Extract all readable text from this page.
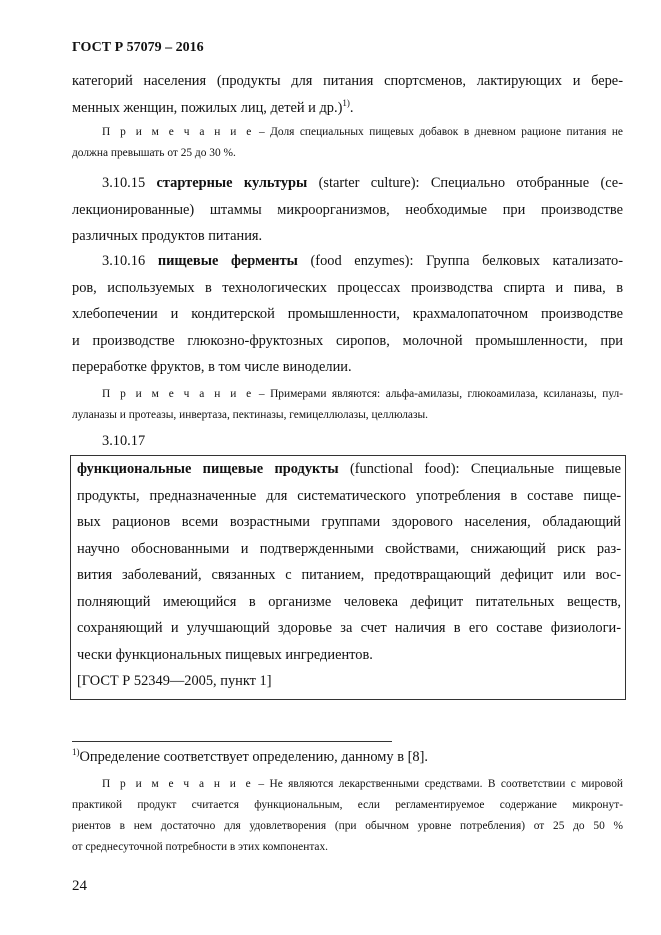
ГОСТ Р 57079 – 2016
категорий населения (продукты для питания спортсменов, лактирующих и бере-
менных женщин, пожилых лиц, детей и др.)$^{1)}$.
П р и м е ч а н и е – Доля специальных пищевых добавок в дневном рационе питания не
должна превышать от 25 до 30 %.
3.10.15 стартерные культуры (starter culture): Специально отобранные (се-
лекционированные) штаммы микроорганизмов, необходимые при производстве
различных продуктов питания.
3.10.16 пищевые ферменты (food enzymes): Группа белковых катализато-
ров, используемых в технологических процессах производства спирта и пива, в
хлебопечении и кондитерской промышленности, крахмалопаточном производстве
и производстве глюкозно-фруктозных сиропов, молочной промышленности, при
переработке фруктов, в том числе виноделии.
П р и м е ч а н и е – Примерами являются: альфа-амилазы, глюкоамилаза, ксиланазы, пул-
луланазы и протеазы, инвертаза, пектиназы, гемицеллюлазы, целлюлазы.
3.10.17
функциональные пищевые продукты (functional food): Специальные пищевые
продукты, предназначенные для систематического употребления в составе пище-
вых рационов всеми возрастными группами здорового населения, обладающий
научно обоснованными и подтвержденными свойствами, снижающий риск раз-
вития заболеваний, связанных с питанием, предотвращающий дефицит или вос-
полняющий имеющийся в организме человека дефицит питательных веществ,
сохраняющий и улучшающий здоровье за счет наличия в его составе физиологи-
чески функциональных пищевых ингредиентов.
[ГОСТ Р 52349—2005, пункт 1]
$^{1)}$Определение соответствует определению, данному в [8].
П р и м е ч а н и е – Не являются лекарственными средствами. В соответствии с мировой
практикой продукт считается функциональным, если регламентируемое содержание микронут-
риентов в нем достаточно для удовлетворения (при обычном уровне потребления) от 25 до 50 %
от среднесуточной потребности в этих компонентах.
24
